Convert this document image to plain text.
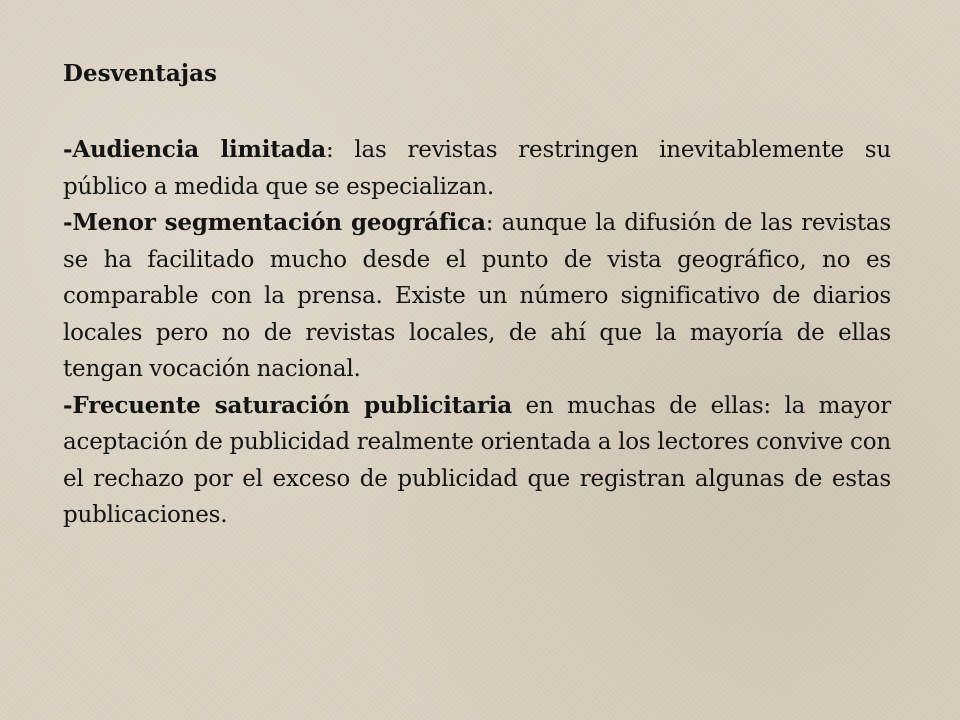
Desventajas

-Audiencia limitada: las revistas restringen inevitablemente su público a medida que se especializan.

-Menor segmentación geográfica: aunque la difusión de las revistas se ha facilitado mucho desde el punto de vista geográfico, no es comparable con la prensa. Existe un número significativo de diarios locales pero no de revistas locales, de ahí que la mayoría de ellas tengan vocación nacional.

-Frecuente saturación publicitaria en muchas de ellas: la mayor aceptación de publicidad realmente orientada a los lectores convive con el rechazo por el exceso de publicidad que registran algunas de estas publicaciones.
